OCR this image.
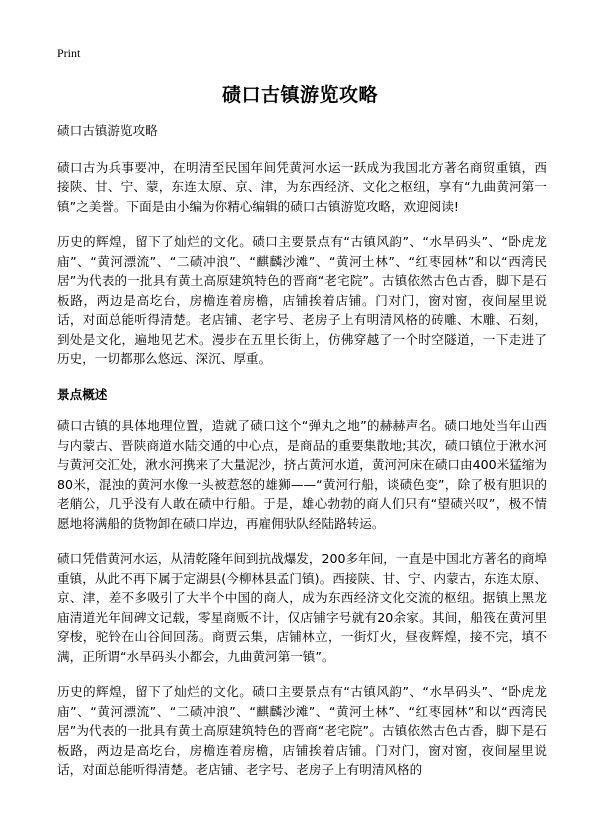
Print
碛口古镇游览攻略

碛口古镇游览攻略

碛口古为兵事要冲，在明清至民国年间凭黄河水运一跃成为我国北方著名商贸重镇，西接陕、甘、宁、蒙，东连太原、京、津，为东西经济、文化之枢纽，享有“九曲黄河第一镇”之美誉。下面是由小编为你精心编辑的碛口古镇游览攻略，欢迎阅读!

历史的辉煌，留下了灿烂的文化。碛口主要景点有“古镇风韵”、“水旱码头”、“卧虎龙庙”、“黄河漂流”、“二碛冲浪”、“麒麟沙滩”、“黄河土林”、“红枣园林”和以“西湾民居”为代表的一批具有黄土高原建筑特色的晋商“老宅院”。古镇依然古色古香，脚下是石板路，两边是高圪台，房檐连着房檐，店铺挨着店铺。门对门，窗对窗，夜间屋里说话，对面总能听得清楚。老店铺、老字号、老房子上有明清风格的砖雕、木雕、石刻，到处是文化，遍地见艺术。漫步在五里长街上，仿佛穿越了一个时空隧道，一下走进了历史，一切都那么悠远、深沉、厚重。

景点概述

碛口古镇的具体地理位置，造就了碛口这个“弹丸之地”的赫赫声名。碛口地处当年山西与内蒙古、晋陕商道水陆交通的中心点，是商品的重要集散地;其次，碛口镇位于湫水河与黄河交汇处，湫水河携来了大量泥沙，挤占黄河水道，黄河河床在碛口由400米猛缩为80米，混浊的黄河水像一头被惹怒的雄狮——“黄河行船，谈碛色变”，除了极有胆识的老艄公，几乎没有人敢在碛中行船。于是，雄心勃勃的商人们只有“望碛兴叹”，极不情愿地将满船的货物卸在碛口岸边，再雇佣驮队经陆路转运。

碛口凭借黄河水运，从清乾隆年间到抗战爆发，200多年间，一直是中国北方著名的商埠重镇，从此不再下属于定湖县(今柳林县孟门镇)。西接陕、甘、宁、内蒙古，东连太原、京、津，差不多吸引了大半个中国的商人，成为东西经济文化交流的枢纽。据镇上黑龙庙清道光年间碑文记载，零星商贩不计，仅店铺字号就有20余家。其间，船筏在黄河里穿梭，驼铃在山谷间回荡。商贾云集，店铺林立，一街灯火，昼夜辉煌，接不完，填不满，正所谓“水旱码头小都会，九曲黄河第一镇”。

历史的辉煌，留下了灿烂的文化。碛口主要景点有“古镇风韵”、“水旱码头”、“卧虎龙庙”、“黄河漂流”、“二碛冲浪”、“麒麟沙滩”、“黄河土林”、“红枣园林”和以“西湾民居”为代表的一批具有黄土高原建筑特色的晋商“老宅院”。古镇依然古色古香，脚下是石板路，两边是高圪台，房檐连着房檐，店铺挨着店铺。门对门，窗对窗，夜间屋里说话，对面总能听得清楚。老店铺、老字号、老房子上有明清风格的
